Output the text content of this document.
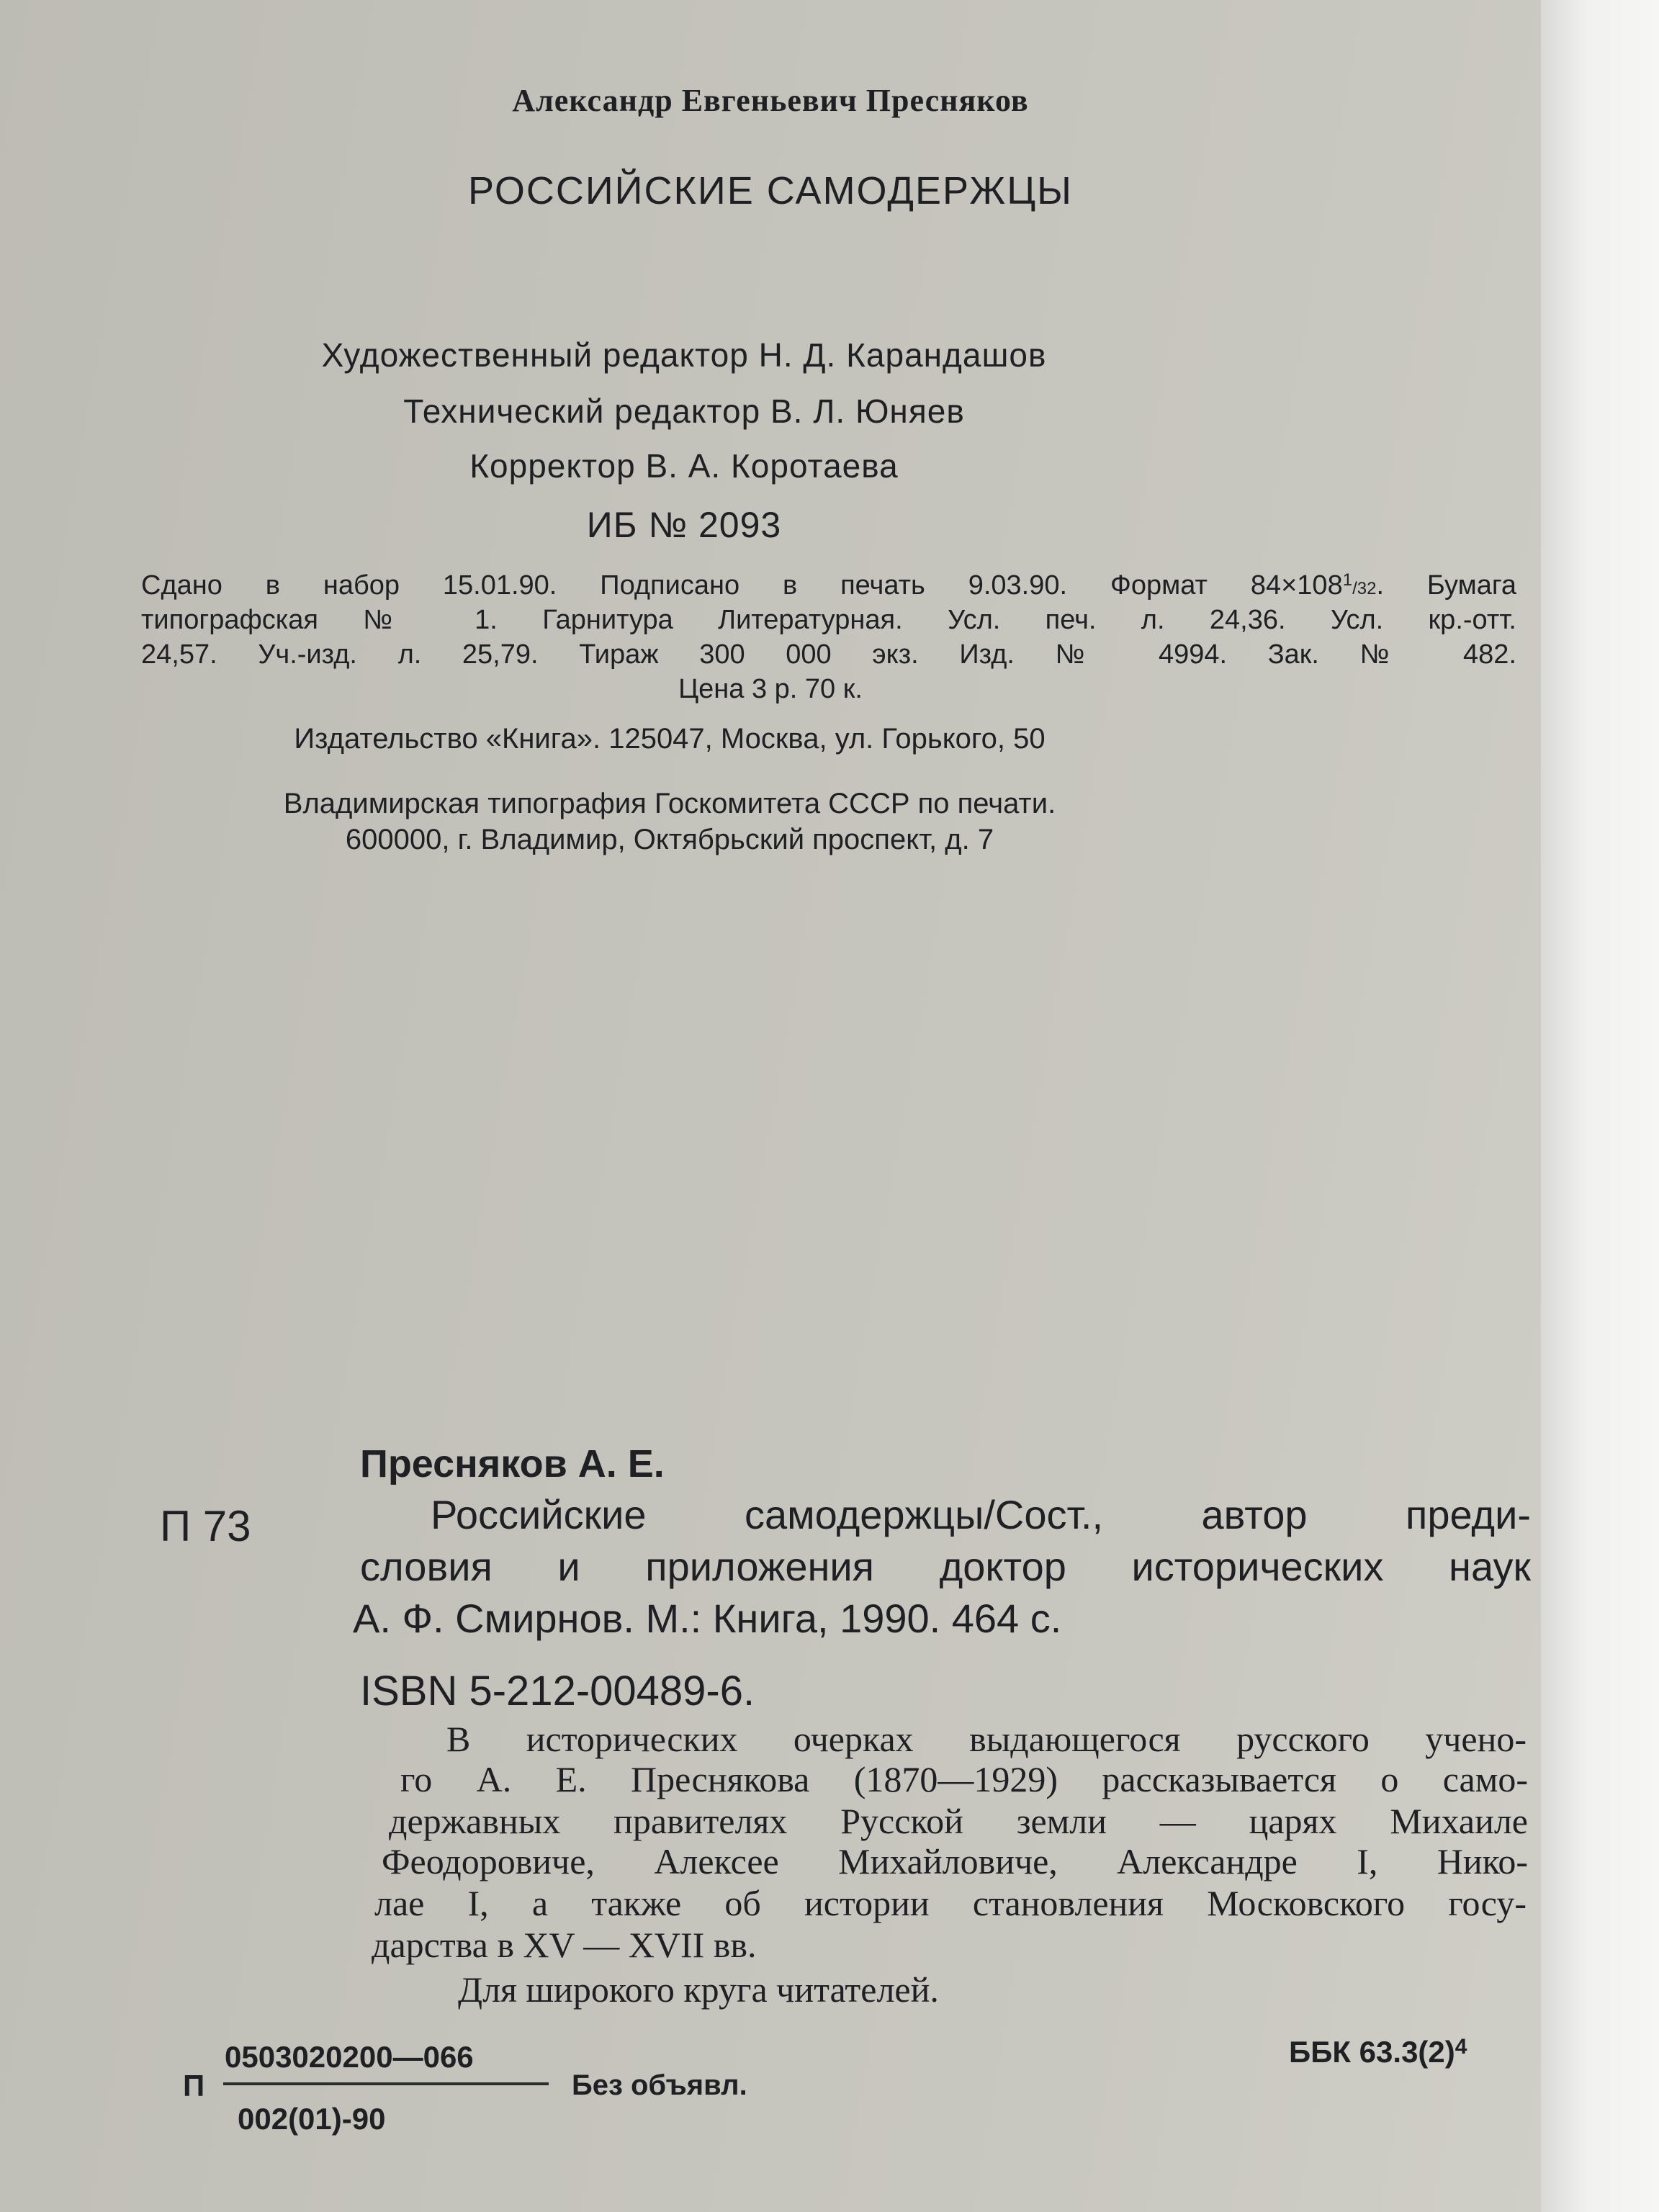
Александр Евгеньевич Пресняков
РОССИЙСКИЕ САМОДЕРЖЦЫ
Художественный редактор Н. Д. Карандашов
Технический редактор В. Л. Юняев
Корректор В. А. Коротаева
ИБ № 2093
Сдано в набор 15.01.90. Подписано в печать 9.03.90. Формат $84\times 108^1/32$. Бумага
типографская № 1. Гарнитура Литературная. Усл. печ. л. 24,36. Усл. кр.-отт.
24,57. Уч.-изд. л. 25,79. Тираж 300 000 экз. Изд. № 4994. Зак. № 482.
Цена 3 р. 70 к.
Издательство «Книга». 125047, Москва, ул. Горького, 50
Владимирская типография Госкомитета СССР по печати.
600000, г. Владимир, Октябрьский проспект, д. 7
П 73
Пресняков А. Е.
Российские самодержцы/Сост., автор преди-
словия и приложения доктор исторических наук
А. Ф. Смирнов. М.: Книга, 1990. 464 с.
ISBN 5-212-00489-6.
В исторических очерках выдающегося русского учено-
го А. Е. Преснякова (1870—1929) рассказывается о само-
державных правителях Русской земли — царях Михаиле
Феодоровиче, Алексее Михайловиче, Александре I, Нико-
лае I, а также об истории становления Московского госу-
дарства в XV — XVII вв.
Для широкого круга читателей.
П
0503020200—066
002(01)-90
Без объявл.
ББК $63.3(2)^4$
